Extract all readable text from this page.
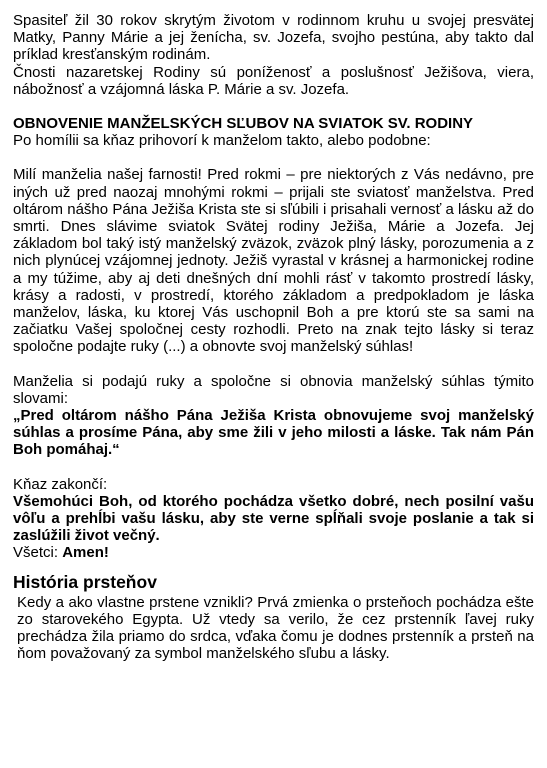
Spasiteľ žil 30 rokov skrytým životom v rodinnom kruhu u svojej presvätej Matky, Panny Márie a jej ženícha, sv. Jozefa, svojho pestúna, aby takto dal príklad kresťanským rodinám.

Čnosti nazaretskej Rodiny sú poníženosť a poslušnosť Ježišova, viera, nábožnosť a vzájomná láska P. Márie a sv. Jozefa.

OBNOVENIE MANŽELSKÝCH SĽUBOV NA SVIATOK SV. RODINY

Po homílii sa kňaz prihovorí k manželom takto, alebo podobne:

Milí manželia našej farnosti! Pred rokmi – pre niektorých z Vás nedávno, pre iných už pred naozaj mnohými rokmi – prijali ste sviatosť manželstva. Pred oltárom nášho Pána Ježiša Krista ste si sľúbili i prisahali vernosť a lásku až do smrti. Dnes slávime sviatok Svätej rodiny Ježiša, Márie a Jozefa. Jej základom bol taký istý manželský zväzok, zväzok plný lásky, porozumenia a z nich plynúcej vzájomnej jednoty. Ježiš vyrastal v krásnej a harmonickej rodine a my túžime, aby aj deti dnešných dní mohli rásť v takomto prostredí lásky, krásy a radosti, v prostredí, ktorého základom a predpokladom je láska manželov, láska, ku ktorej Vás uschopnil Boh a pre ktorú ste sa sami na začiatku Vašej spoločnej cesty rozhodli. Preto na znak tejto lásky si teraz spoločne podajte ruky (...) a obnovte svoj manželský súhlas!

Manželia si podajú ruky a spoločne si obnovia manželský súhlas týmito slovami:

„Pred oltárom nášho Pána Ježiša Krista obnovujeme svoj manželský súhlas a prosíme Pána, aby sme žili v jeho milosti a láske. Tak nám Pán Boh pomáhaj.“

Kňaz zakončí:

Všemohúci Boh, od ktorého pochádza všetko dobré, nech posilní vašu vôľu a prehĺbi vašu lásku, aby ste verne spĺňali svoje poslanie a tak si zaslúžili život večný.

Všetci: Amen!

História prsteňov

Kedy a ako vlastne prstene vznikli? Prvá zmienka o prsteňoch pochádza ešte zo starovekého Egypta. Už vtedy sa verilo, že cez prstenník ľavej ruky prechádza žila priamo do srdca, vďaka čomu je dodnes prstenník a prsteň na ňom považovaný za symbol manželského sľubu a lásky.
